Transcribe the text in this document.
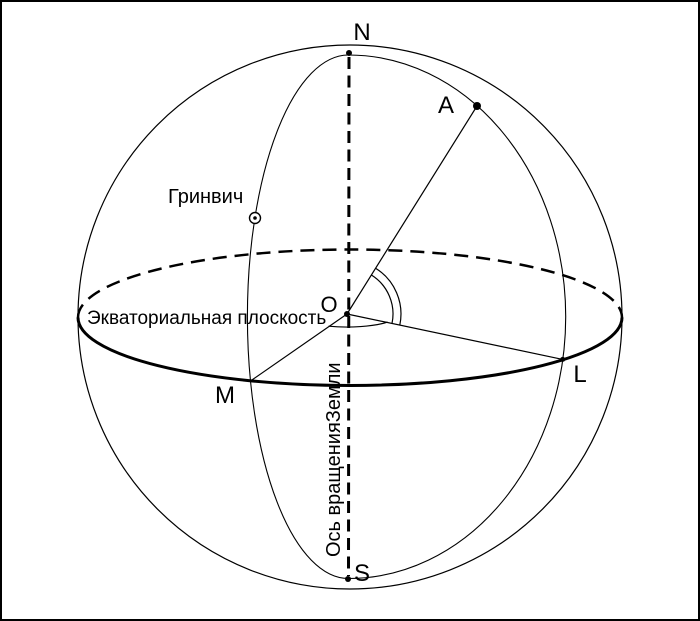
N
S
O
A
M
L
Гринвич
Экваториальная плоскость
Ось вращенияЗемли
